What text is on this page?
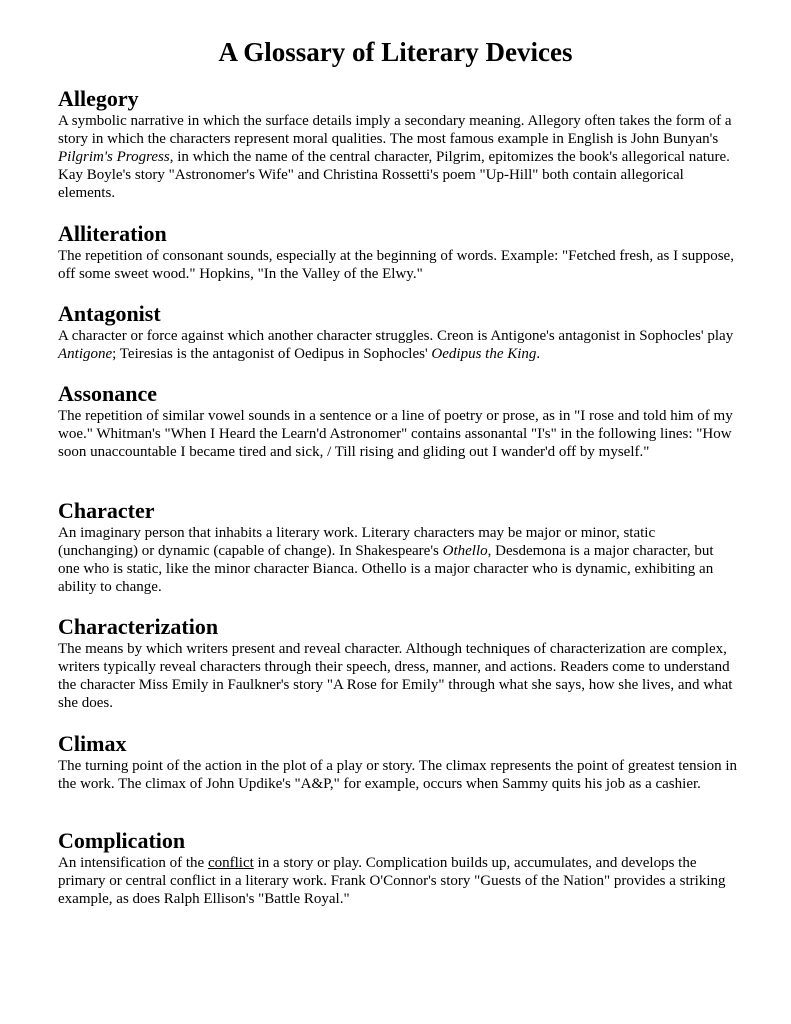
A Glossary of Literary Devices
Allegory

A symbolic narrative in which the surface details imply a secondary meaning. Allegory often takes the form of a story in which the characters represent moral qualities. The most famous example in English is John Bunyan's Pilgrim's Progress, in which the name of the central character, Pilgrim, epitomizes the book's allegorical nature. Kay Boyle's story "Astronomer's Wife" and Christina Rossetti's poem "Up-Hill" both contain allegorical elements.

Alliteration

The repetition of consonant sounds, especially at the beginning of words. Example: "Fetched fresh, as I suppose, off some sweet wood." Hopkins, "In the Valley of the Elwy."

Antagonist

A character or force against which another character struggles. Creon is Antigone's antagonist in Sophocles' play Antigone; Teiresias is the antagonist of Oedipus in Sophocles' Oedipus the King.

Assonance

The repetition of similar vowel sounds in a sentence or a line of poetry or prose, as in "I rose and told him of my woe." Whitman's "When I Heard the Learn'd Astronomer" contains assonantal "I's" in the following lines: "How soon unaccountable I became tired and sick, / Till rising and gliding out I wander'd off by myself."

Character

An imaginary person that inhabits a literary work. Literary characters may be major or minor, static (unchanging) or dynamic (capable of change). In Shakespeare's Othello, Desdemona is a major character, but one who is static, like the minor character Bianca. Othello is a major character who is dynamic, exhibiting an ability to change.

Characterization

The means by which writers present and reveal character. Although techniques of characterization are complex, writers typically reveal characters through their speech, dress, manner, and actions. Readers come to understand the character Miss Emily in Faulkner's story "A Rose for Emily" through what she says, how she lives, and what she does.

Climax

The turning point of the action in the plot of a play or story. The climax represents the point of greatest tension in the work. The climax of John Updike's "A&P," for example, occurs when Sammy quits his job as a cashier.

Complication

An intensification of the conflict in a story or play. Complication builds up, accumulates, and develops the primary or central conflict in a literary work. Frank O'Connor's story "Guests of the Nation" provides a striking example, as does Ralph Ellison's "Battle Royal."
